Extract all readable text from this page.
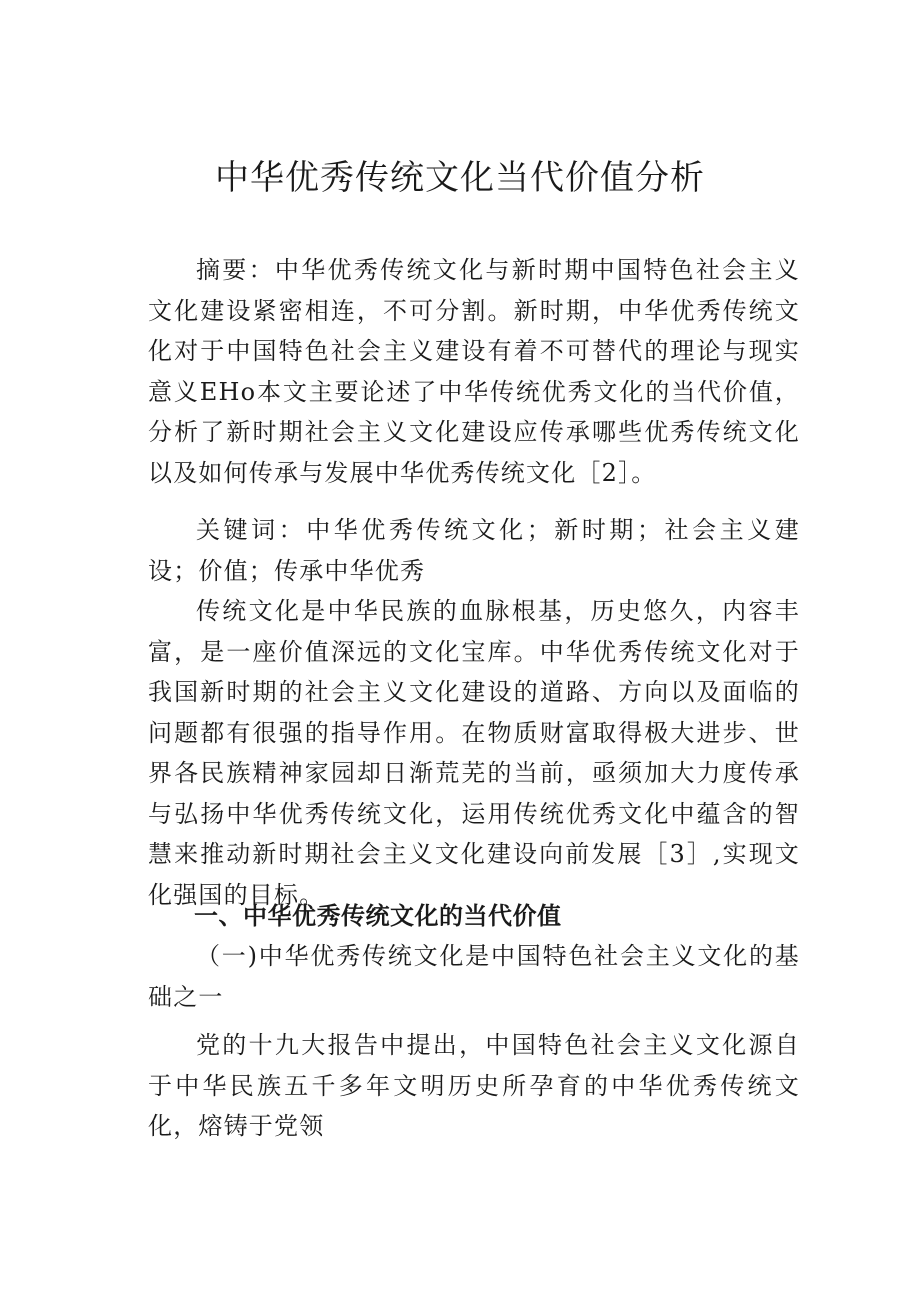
中华优秀传统文化当代价值分析

摘要：中华优秀传统文化与新时期中国特色社会主义文化建设紧密相连，不可分割。新时期，中华优秀传统文化对于中国特色社会主义建设有着不可替代的理论与现实意义EHo本文主要论述了中华传统优秀文化的当代价值，分析了新时期社会主义文化建设应传承哪些优秀传统文化以及如何传承与发展中华优秀传统文化［2］。

关键词：中华优秀传统文化；新时期；社会主义建设；价值；传承中华优秀

传统文化是中华民族的血脉根基，历史悠久，内容丰富，是一座价值深远的文化宝库。中华优秀传统文化对于我国新时期的社会主义文化建设的道路、方向以及面临的问题都有很强的指导作用。在物质财富取得极大进步、世界各民族精神家园却日渐荒芜的当前，亟须加大力度传承与弘扬中华优秀传统文化，运用传统优秀文化中蕴含的智慧来推动新时期社会主义文化建设向前发展［3］,实现文化强国的目标。

一、中华优秀传统文化的当代价值

（一)中华优秀传统文化是中国特色社会主义文化的基础之一

党的十九大报告中提出，中国特色社会主义文化源自于中华民族五千多年文明历史所孕育的中华优秀传统文化，熔铸于党领
